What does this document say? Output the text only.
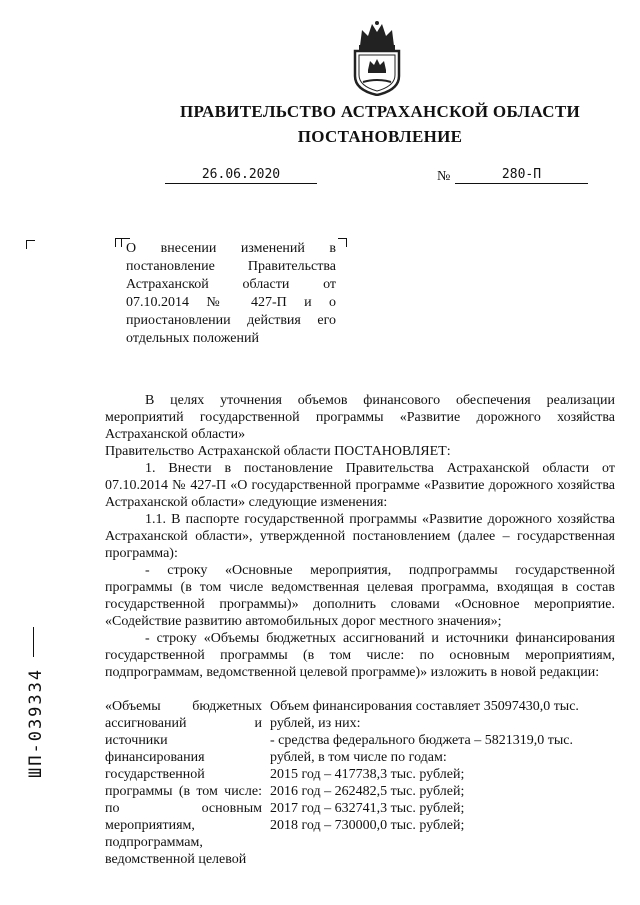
ПРАВИТЕЛЬСТВО АСТРАХАНСКОЙ ОБЛАСТИ
ПОСТАНОВЛЕНИЕ
26.06.2020	№	280-П
О внесении изменений в постановление Правительства Астраханской области от 07.10.2014 № 427-П и о приостановлении действия его отдельных положений

В целях уточнения объемов финансового обеспечения реализации мероприятий государственной программы «Развитие дорожного хозяйства Астраханской области»

Правительство Астраханской области ПОСТАНОВЛЯЕТ:

1. Внести в постановление Правительства Астраханской области от 07.10.2014 № 427-П «О государственной программе «Развитие дорожного хозяйства Астраханской области» следующие изменения:

1.1. В паспорте государственной программы «Развитие дорожного хозяйства Астраханской области», утвержденной постановлением (далее – государственная программа):

- строку «Основные мероприятия, подпрограммы государственной программы (в том числе ведомственная целевая программа, входящая в состав государственной программы)» дополнить словами «Основное мероприятие. «Содействие развитию автомобильных дорог местного значения»;

- строку «Объемы бюджетных ассигнований и источники финансирования государственной программы (в том числе: по основным мероприятиям, подпрограммам, ведомственной целевой программе)» изложить в новой редакции:

«Объемы бюджетных ассигнований и источники финансирования государственной программы (в том числе: по основным мероприятиям, подпрограммам, ведомственной целевой

Объем финансирования составляет 35097430,0 тыс. рублей, из них:

- средства федерального бюджета – 5821319,0 тыс. рублей, в том числе по годам:

2015 год – 417738,3 тыс. рублей;

2016 год – 262482,5 тыс. рублей;

2017 год – 632741,3 тыс. рублей;

2018 год – 730000,0 тыс. рублей;

ШП-039334
